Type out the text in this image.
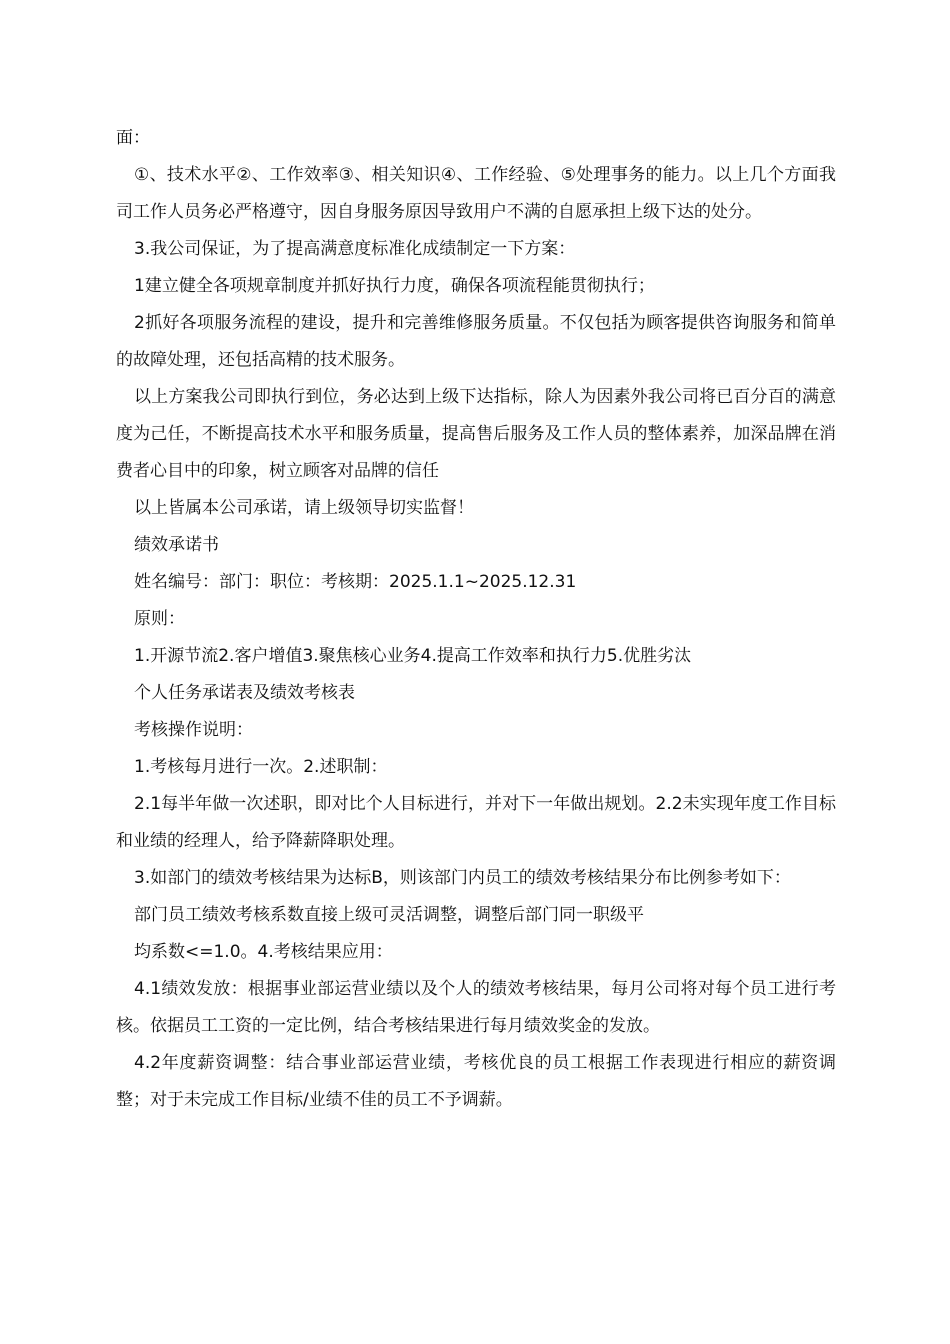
面：

①、技术水平②、工作效率③、相关知识④、工作经验、⑤处理事务的能力。以上几个方面我司工作人员务必严格遵守，因自身服务原因导致用户不满的自愿承担上级下达的处分。

3.我公司保证，为了提高满意度标准化成绩制定一下方案：

1建立健全各项规章制度并抓好执行力度，确保各项流程能贯彻执行；

2抓好各项服务流程的建设，提升和完善维修服务质量。不仅包括为顾客提供咨询服务和简单的故障处理，还包括高精的技术服务。

以上方案我公司即执行到位，务必达到上级下达指标，除人为因素外我公司将已百分百的满意度为己任，不断提高技术水平和服务质量，提高售后服务及工作人员的整体素养，加深品牌在消费者心目中的印象，树立顾客对品牌的信任

以上皆属本公司承诺，请上级领导切实监督！

绩效承诺书

姓名编号：部门：职位：考核期：2025.1.1~2025.12.31

原则：

1.开源节流2.客户增值3.聚焦核心业务4.提高工作效率和执行力5.优胜劣汰

个人任务承诺表及绩效考核表

考核操作说明：

1.考核每月进行一次。2.述职制：

2.1每半年做一次述职，即对比个人目标进行，并对下一年做出规划。2.2未实现年度工作目标和业绩的经理人，给予降薪降职处理。

3.如部门的绩效考核结果为达标B，则该部门内员工的绩效考核结果分布比例参考如下：

部门员工绩效考核系数直接上级可灵活调整，调整后部门同一职级平

均系数<=1.0。4.考核结果应用：

4.1绩效发放：根据事业部运营业绩以及个人的绩效考核结果，每月公司将对每个员工进行考核。依据员工工资的一定比例，结合考核结果进行每月绩效奖金的发放。

4.2年度薪资调整：结合事业部运营业绩，考核优良的员工根据工作表现进行相应的薪资调整；对于未完成工作目标/业绩不佳的员工不予调薪。
